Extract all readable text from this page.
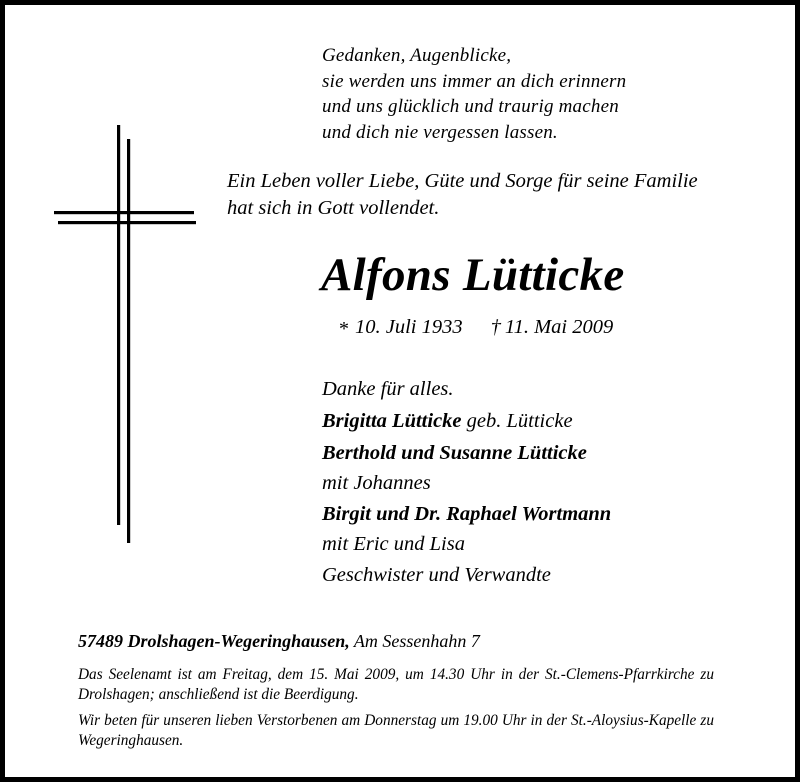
Gedanken, Augenblicke,
sie werden uns immer an dich erinnern
und uns glücklich und traurig machen
und dich nie vergessen lassen.
Ein Leben voller Liebe, Güte und Sorge für seine Familie
hat sich in Gott vollendet.
Alfons Lütticke
* 10. Juli 1933 † 11. Mai 2009
Danke für alles.
Brigitta Lütticke geb. Lütticke
Berthold und Susanne Lütticke
mit Johannes
Birgit und Dr. Raphael Wortmann
mit Eric und Lisa
Geschwister und Verwandte
57489 Drolshagen-Wegeringhausen, Am Sessenhahn 7
Das Seelenamt ist am Freitag, dem 15. Mai 2009, um 14.30 Uhr in der St.-Clemens-Pfarrkirche zu Drolshagen; anschließend ist die Beerdigung.
Wir beten für unseren lieben Verstorbenen am Donnerstag um 19.00 Uhr in der St.-Aloysius-Kapelle zu Wegeringhausen.
